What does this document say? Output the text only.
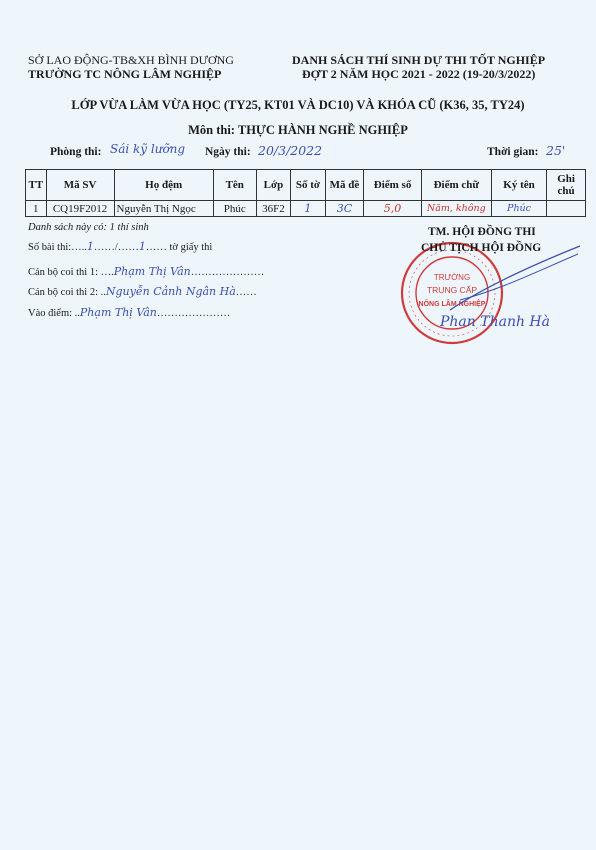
SỞ LAO ĐỘNG-TB&XH BÌNH DƯƠNG
TRƯỜNG TC NÔNG LÂM NGHIỆP
DANH SÁCH THÍ SINH DỰ THI TỐT NGHIỆP
ĐỢT 2 NĂM HỌC 2021 - 2022 (19-20/3/2022)
LỚP VỪA LÀM VỪA HỌC (TY25, KT01 VÀ DC10) VÀ KHÓA CŨ (K36, 35, TY24)
Môn thi: THỰC HÀNH NGHỀ NGHIỆP
Phòng thi: Sái kỹ lưỡng Ngày thi: 20/3/2022	Thời gian: 25'
TT	Mã SV	Họ đệm	Tên	Lớp	Số tờ	Mã đề	Điểm số	Điểm chữ	Ký tên	Ghi chú
1	CQ19F2012	Nguyễn Thị Ngọc	Phúc	36F2	1	3C	5,0	Năm, không	Phúc	
Danh sách này có: 1 thí sinh
Số bài thi:…..1……/……1…… tờ giấy thi
Cán bộ coi thi 1: ….Phạm Thị Vân…………………
Cán bộ coi thi 2: ..Nguyễn Cảnh Ngân Hà……
Vào điểm: ..Phạm Thị Vân…………………
TRƯỜNG
TRUNG CẤP
NÔNG LÂM NGHIỆP
TM. HỘI ĐỒNG THI
CHỦ TỊCH HỘI ĐỒNG
Phan Thanh Hà
